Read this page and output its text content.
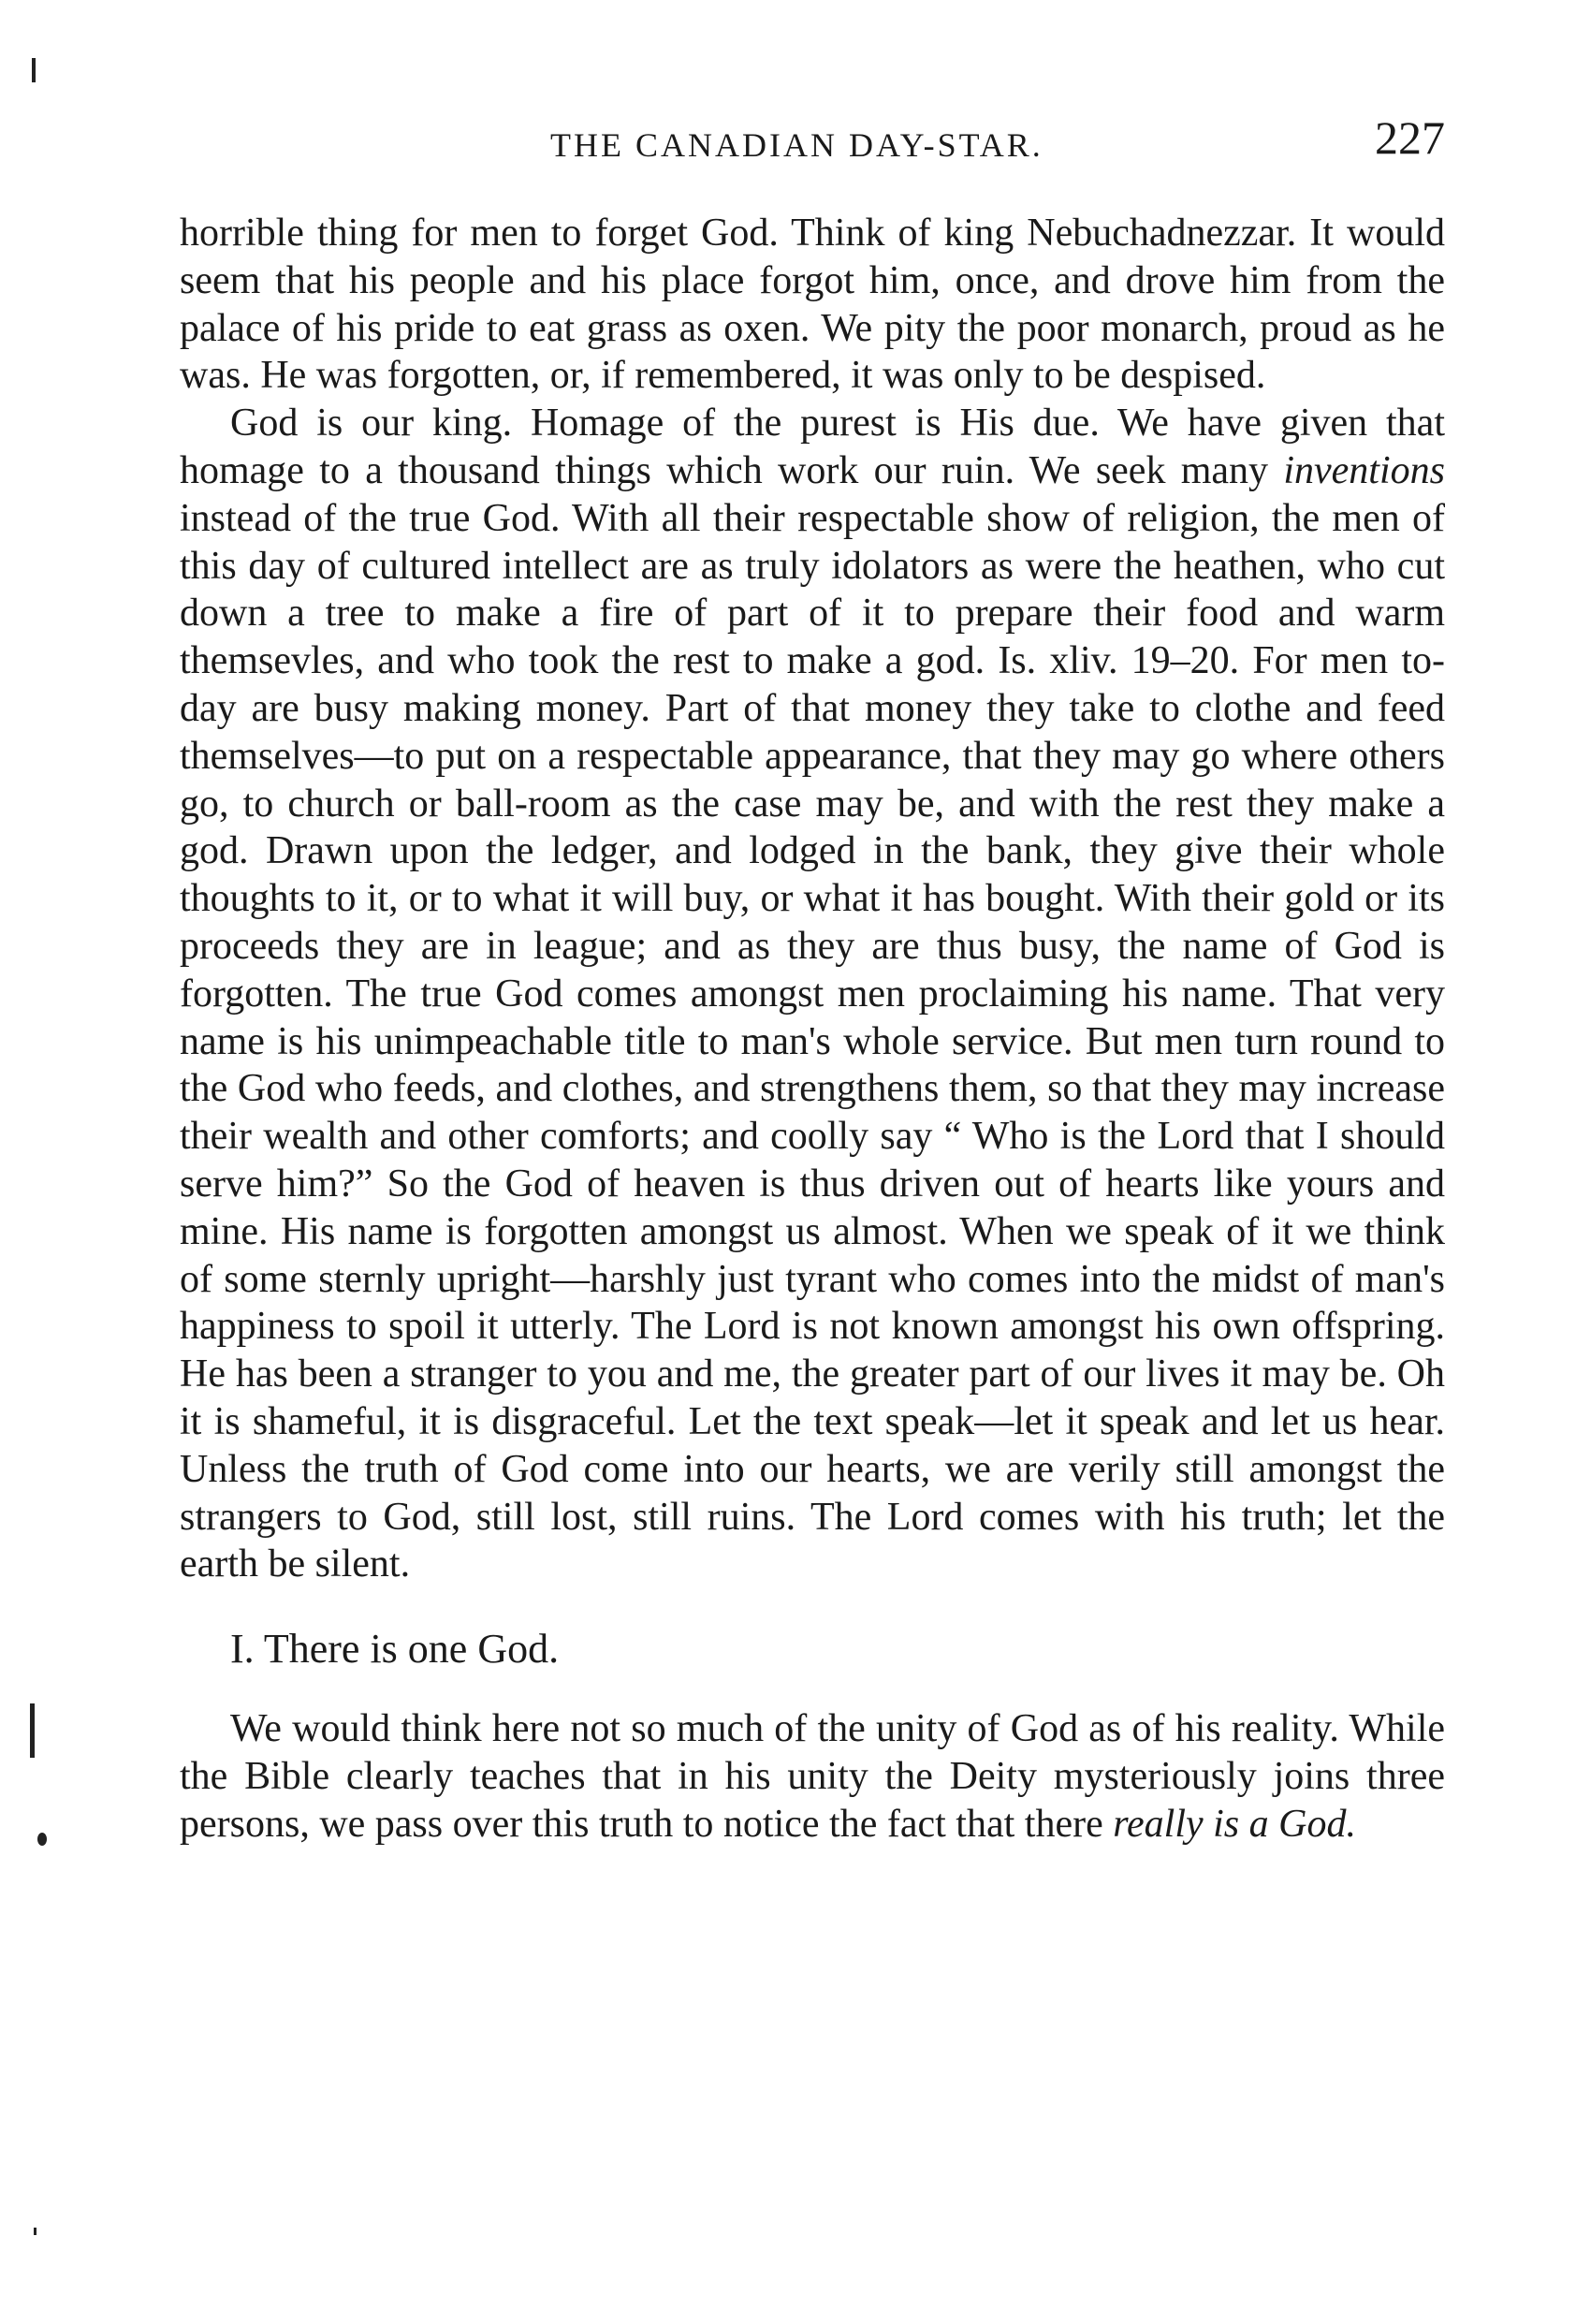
THE CANADIAN DAY-STAR.	227

horrible thing for men to forget God. Think of king Nebuchadnezzar. It would seem that his people and his place forgot him, once, and drove him from the palace of his pride to eat grass as oxen. We pity the poor monarch, proud as he was. He was forgotten, or, if remembered, it was only to be despised.

God is our king. Homage of the purest is His due. We have given that homage to a thousand things which work our ruin. We seek many inventions instead of the true God. With all their respectable show of religion, the men of this day of cultured intellect are as truly idolators as were the heathen, who cut down a tree to make a fire of part of it to prepare their food and warm themsevles, and who took the rest to make a god. Is. xliv. 19–20. For men to-day are busy making money. Part of that money they take to clothe and feed themselves—to put on a respectable appearance, that they may go where others go, to church or ball-room as the case may be, and with the rest they make a god. Drawn upon the ledger, and lodged in the bank, they give their whole thoughts to it, or to what it will buy, or what it has bought. With their gold or its proceeds they are in league; and as they are thus busy, the name of God is forgotten. The true God comes amongst men proclaiming his name. That very name is his unimpeachable title to man's whole service. But men turn round to the God who feeds, and clothes, and strengthens them, so that they may increase their wealth and other comforts; and coolly say “ Who is the Lord that I should serve him?” So the God of heaven is thus driven out of hearts like yours and mine. His name is forgotten amongst us almost. When we speak of it we think of some sternly upright—harshly just tyrant who comes into the midst of man's happiness to spoil it utterly. The Lord is not known amongst his own offspring. He has been a stranger to you and me, the greater part of our lives it may be. Oh it is shameful, it is disgraceful. Let the text speak—let it speak and let us hear. Unless the truth of God come into our hearts, we are verily still amongst the strangers to God, still lost, still ruins. The Lord comes with his truth; let the earth be silent.

I. There is one God.

We would think here not so much of the unity of God as of his reality. While the Bible clearly teaches that in his unity the Deity mysteriously joins three persons, we pass over this truth to notice the fact that there really is a God.
